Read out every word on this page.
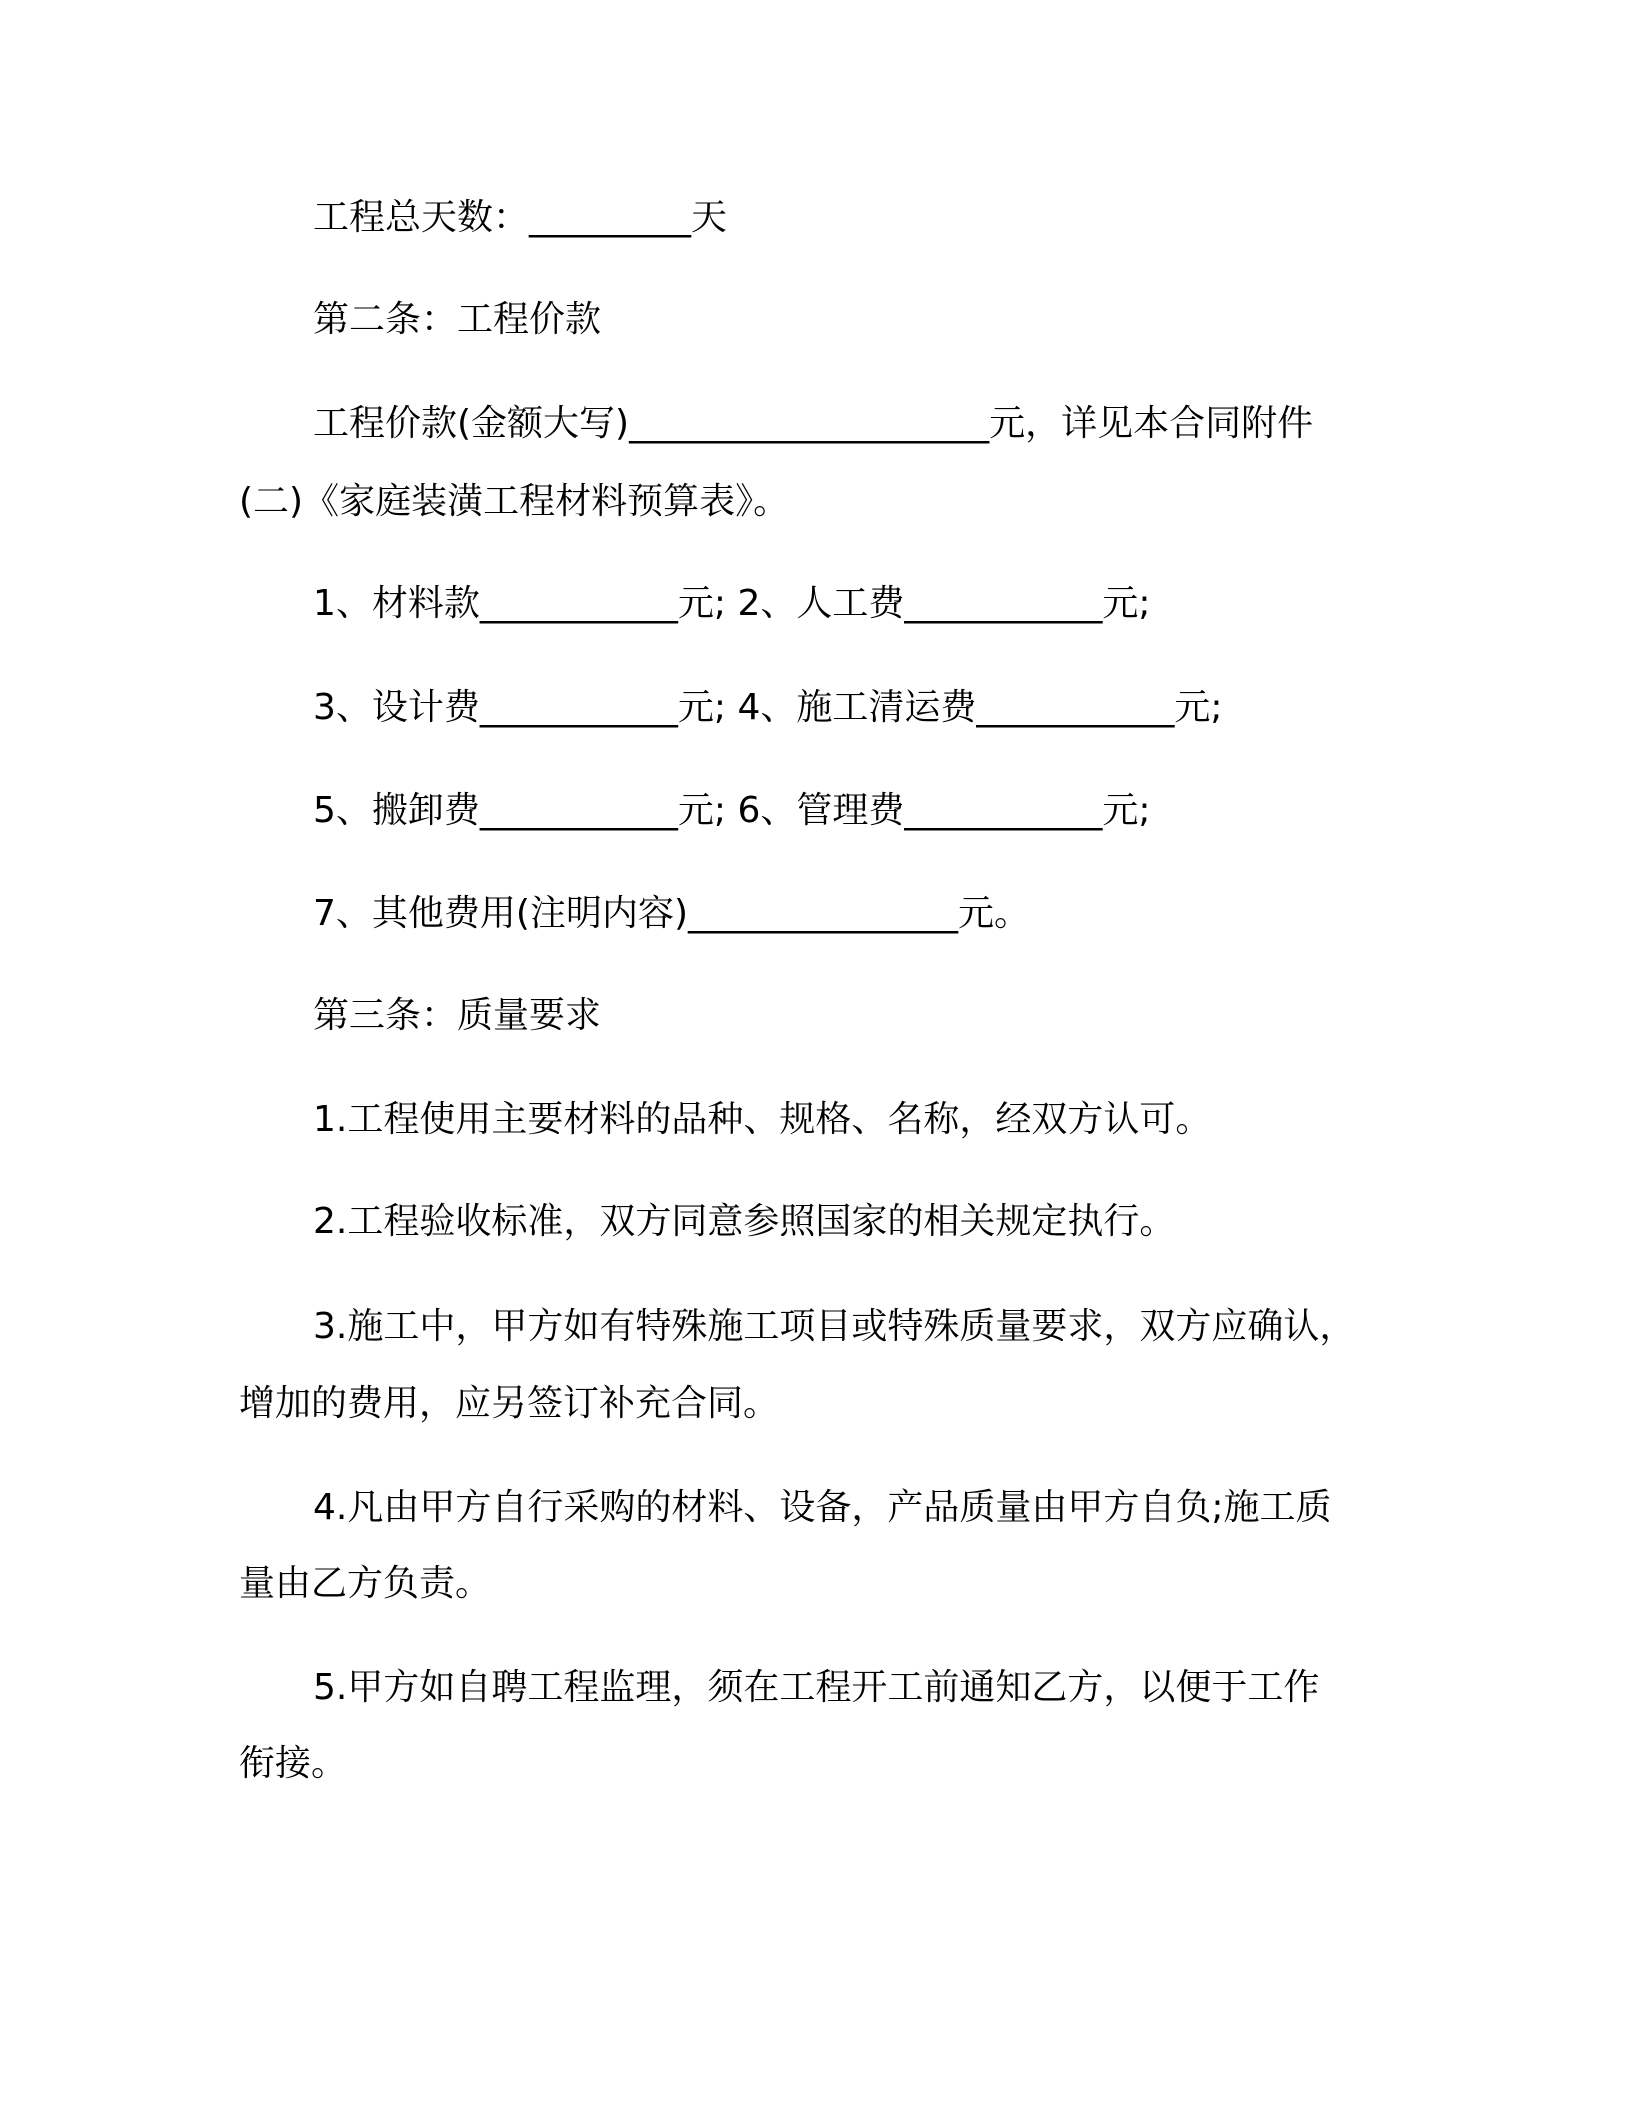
工程总天数：_________天
第二条：工程价款
工程价款(金额大写)____________________元，详见本合同附件
(二)《家庭装潢工程材料预算表》。
1、材料款___________元; 2、人工费___________元;
3、设计费___________元; 4、施工清运费___________元;
5、搬卸费___________元; 6、管理费___________元;
7、其他费用(注明内容)_______________元。
第三条：质量要求
1.工程使用主要材料的品种、规格、名称，经双方认可。
2.工程验收标准，双方同意参照国家的相关规定执行。
3.施工中，甲方如有特殊施工项目或特殊质量要求，双方应确认，
增加的费用，应另签订补充合同。
4.凡由甲方自行采购的材料、设备，产品质量由甲方自负;施工质
量由乙方负责。
5.甲方如自聘工程监理，须在工程开工前通知乙方，以便于工作
衔接。
